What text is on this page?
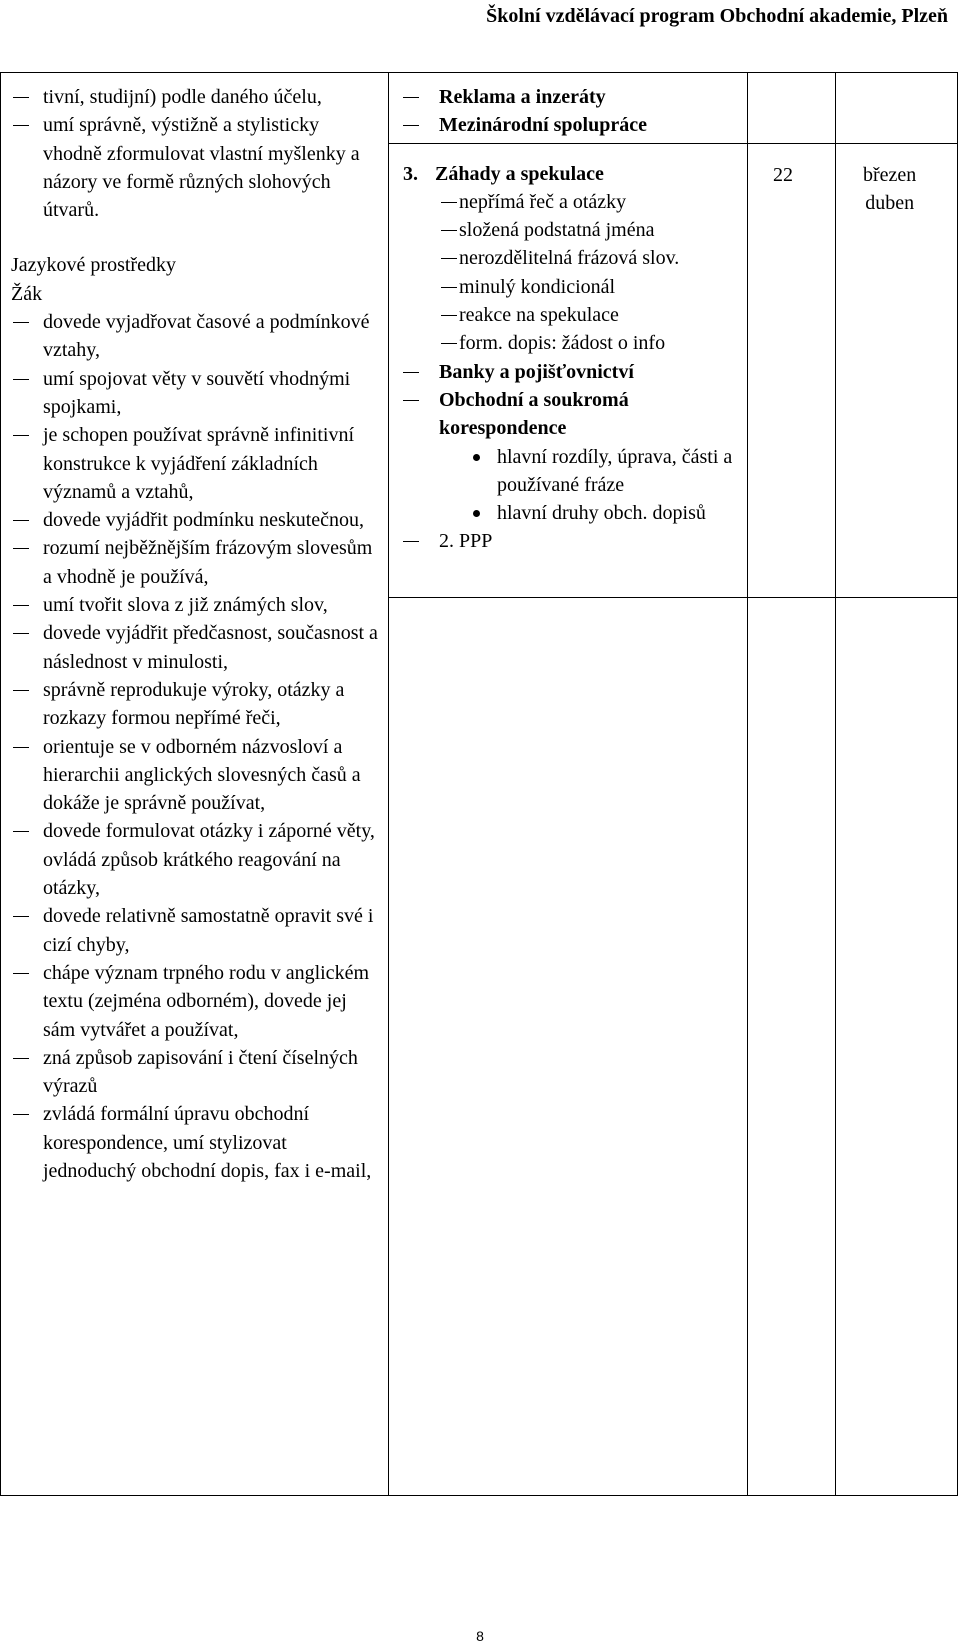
Školní vzdělávací program Obchodní akademie, Plzeň
tivní, studijní) podle daného účelu,
umí správně, výstižně a stylisticky vhodně zformulovat vlastní myšlenky a názory ve formě různých slohových útvarů.
Jazykové prostředky
Žák
dovede vyjadřovat časové a podmínkové vztahy,
umí spojovat věty v souvětí vhodnými spojkami,
je schopen používat správně infinitivní konstrukce k vyjádření základních významů a vztahů,
dovede vyjádřit podmínku neskutečnou,
rozumí nejběžnějším frázovým slovesům a vhodně je používá,
umí tvořit slova z již známých slov,
dovede vyjádřit předčasnost, současnost a následnost v minulosti,
správně reprodukuje výroky, otázky a rozkazy formou nepřímé řeči,
orientuje se v odborném názvosloví a hierarchii anglických slovesných časů a dokáže je správně používat,
dovede formulovat otázky i záporné věty, ovládá způsob krátkého reagování na otázky,
dovede relativně samostatně opravit své i cizí chyby,
chápe význam trpného rodu v anglickém textu (zejména odborném), dovede jej sám vytvářet a používat,
zná způsob zapisování i čtení číselných výrazů
zvládá formální úpravu obchodní korespondence, umí stylizovat jednoduchý obchodní dopis, fax i e-mail,
Reklama a inzeráty
Mezinárodní spolupráce
3. Záhady a spekulace
nepřímá řeč a otázky
složená podstatná jména
nerozdělitelná frázová slov.
minulý kondicionál
reakce na spekulace
form. dopis: žádost o info
Banky a pojišťovnictví
Obchodní a soukromá korespondence
hlavní rozdíly, úprava, části a používané fráze
hlavní druhy obch. dopisů
2. PPP
22	březen
duben
8
